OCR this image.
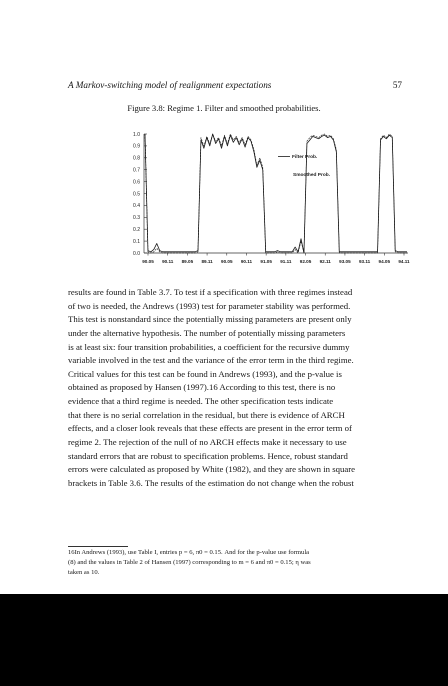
A Markov-switching model of realignment expectations	57
Figure 3.8: Regime 1. Filter and smoothed probabilities.
1.0
0.9
0.8
0.7
0.6
0.5
0.4
0.3
0.2
0.1
0.0
90.05 90.11 89.05 89.11 90.05 90.11 91.05 91.11 92.05 92.11 93.05 93.11 94.05 94.11
Filter Prob.
Smoothed Prob.
results are found in Table 3.7. To test if a specification with three regimes instead
of two is needed, the Andrews (1993) test for parameter stability was performed.
This test is nonstandard since the potentially missing parameters are present only
under the alternative hypothesis. The number of potentially missing parameters
is at least six: four transition probabilities, a coefficient for the recursive dummy
variable involved in the test and the variance of the error term in the third regime.
Critical values for this test can be found in Andrews (1993), and the p-value is
obtained as proposed by Hansen (1997).16 According to this test, there is no
evidence that a third regime is needed. The other specification tests indicate
that there is no serial correlation in the residual, but there is evidence of ARCH
effects, and a closer look reveals that these effects are present in the error term of
regime 2. The rejection of the null of no ARCH effects make it necessary to use
standard errors that are robust to specification problems. Hence, robust standard
errors were calculated as proposed by White (1982), and they are shown in square
brackets in Table 3.6. The results of the estimation do not change when the robust
16In Andrews (1993), use Table I, entries p = 6, π0 = 0.15. And for the p-value use formula
(8) and the values in Table 2 of Hansen (1997) corresponding to m = 6 and π0 = 0.15; η was
taken as 10.
